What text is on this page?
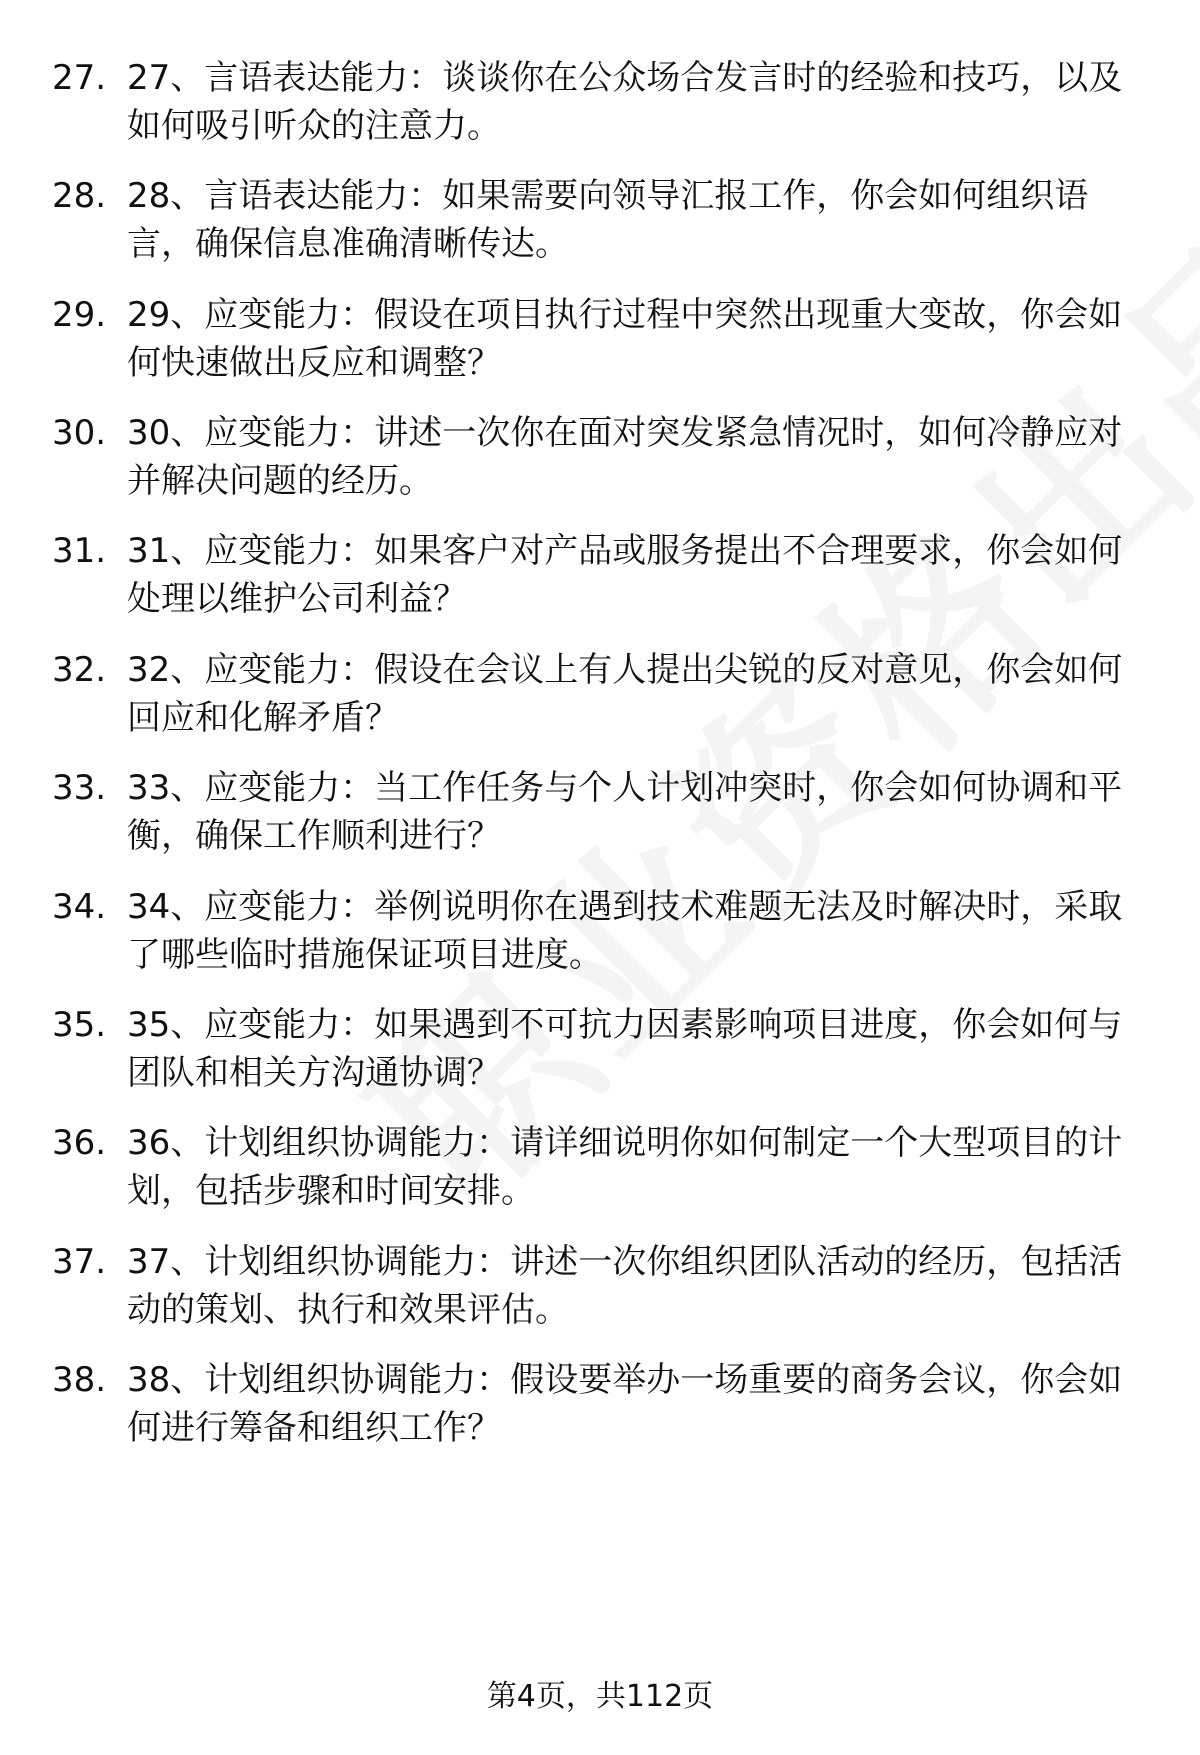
27. 27、言语表达能力：谈谈你在公众场合发言时的经验和技巧，以及如何吸引听众的注意力。
28. 28、言语表达能力：如果需要向领导汇报工作，你会如何组织语言，确保信息准确清晰传达。
29. 29、应变能力：假设在项目执行过程中突然出现重大变故，你会如何快速做出反应和调整？
30. 30、应变能力：讲述一次你在面对突发紧急情况时，如何冷静应对并解决问题的经历。
31. 31、应变能力：如果客户对产品或服务提出不合理要求，你会如何处理以维护公司利益？
32. 32、应变能力：假设在会议上有人提出尖锐的反对意见，你会如何回应和化解矛盾？
33. 33、应变能力：当工作任务与个人计划冲突时，你会如何协调和平衡，确保工作顺利进行？
34. 34、应变能力：举例说明你在遇到技术难题无法及时解决时，采取了哪些临时措施保证项目进度。
35. 35、应变能力：如果遇到不可抗力因素影响项目进度，你会如何与团队和相关方沟通协调？
36. 36、计划组织协调能力：请详细说明你如何制定一个大型项目的计划，包括步骤和时间安排。
37. 37、计划组织协调能力：讲述一次你组织团队活动的经历，包括活动的策划、执行和效果评估。
38. 38、计划组织协调能力：假设要举办一场重要的商务会议，你会如何进行筹备和组织工作？
第4页，共112页
